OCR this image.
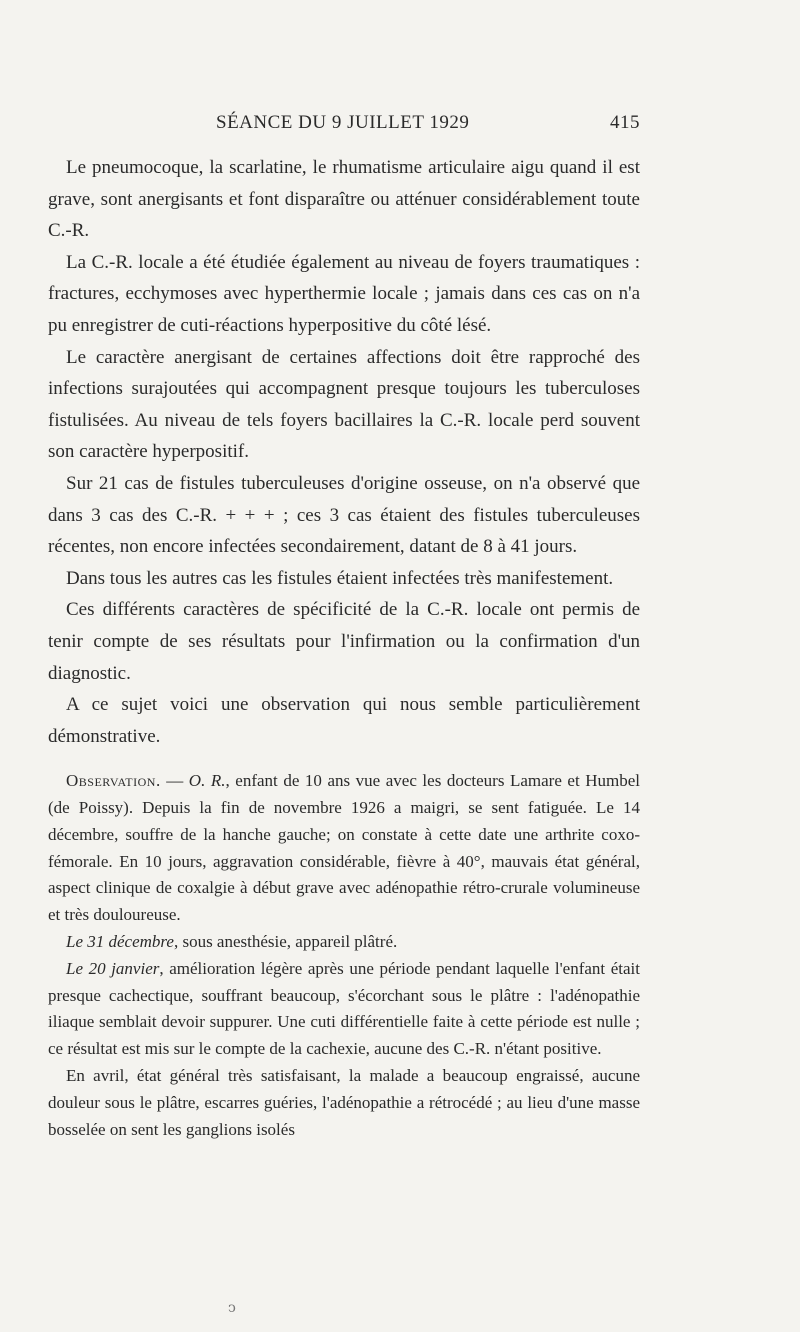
SÉANCE DU 9 JUILLET 1929	415

Le pneumocoque, la scarlatine, le rhumatisme articulaire aigu quand il est grave, sont anergisants et font disparaître ou atténuer considérablement toute C.-R.

La C.-R. locale a été étudiée également au niveau de foyers traumatiques : fractures, ecchymoses avec hyperthermie locale ; jamais dans ces cas on n'a pu enregistrer de cuti-réactions hyperpositive du côté lésé.

Le caractère anergisant de certaines affections doit être rapproché des infections surajoutées qui accompagnent presque toujours les tuberculoses fistulisées. Au niveau de tels foyers bacillaires la C.-R. locale perd souvent son caractère hyperpositif.

Sur 21 cas de fistules tuberculeuses d'origine osseuse, on n'a observé que dans 3 cas des C.-R. + + + ; ces 3 cas étaient des fistules tuberculeuses récentes, non encore infectées secondairement, datant de 8 à 41 jours.

Dans tous les autres cas les fistules étaient infectées très manifestement.

Ces différents caractères de spécificité de la C.-R. locale ont permis de tenir compte de ses résultats pour l'infirmation ou la confirmation d'un diagnostic.

A ce sujet voici une observation qui nous semble particulièrement démonstrative.

Observation. — O. R., enfant de 10 ans vue avec les docteurs Lamare et Humbel (de Poissy). Depuis la fin de novembre 1926 a maigri, se sent fatiguée. Le 14 décembre, souffre de la hanche gauche; on constate à cette date une arthrite coxo-fémorale. En 10 jours, aggravation considérable, fièvre à 40°, mauvais état général, aspect clinique de coxalgie à début grave avec adénopathie rétro-crurale volumineuse et très douloureuse.

Le 31 décembre, sous anesthésie, appareil plâtré.

Le 20 janvier, amélioration légère après une période pendant laquelle l'enfant était presque cachectique, souffrant beaucoup, s'écorchant sous le plâtre : l'adénopathie iliaque semblait devoir suppurer. Une cuti différentielle faite à cette période est nulle ; ce résultat est mis sur le compte de la cachexie, aucune des C.-R. n'étant positive.

En avril, état général très satisfaisant, la malade a beaucoup engraissé, aucune douleur sous le plâtre, escarres guéries, l'adénopathie a rétrocédé ; au lieu d'une masse bosselée on sent les ganglions isolés

ↄ
